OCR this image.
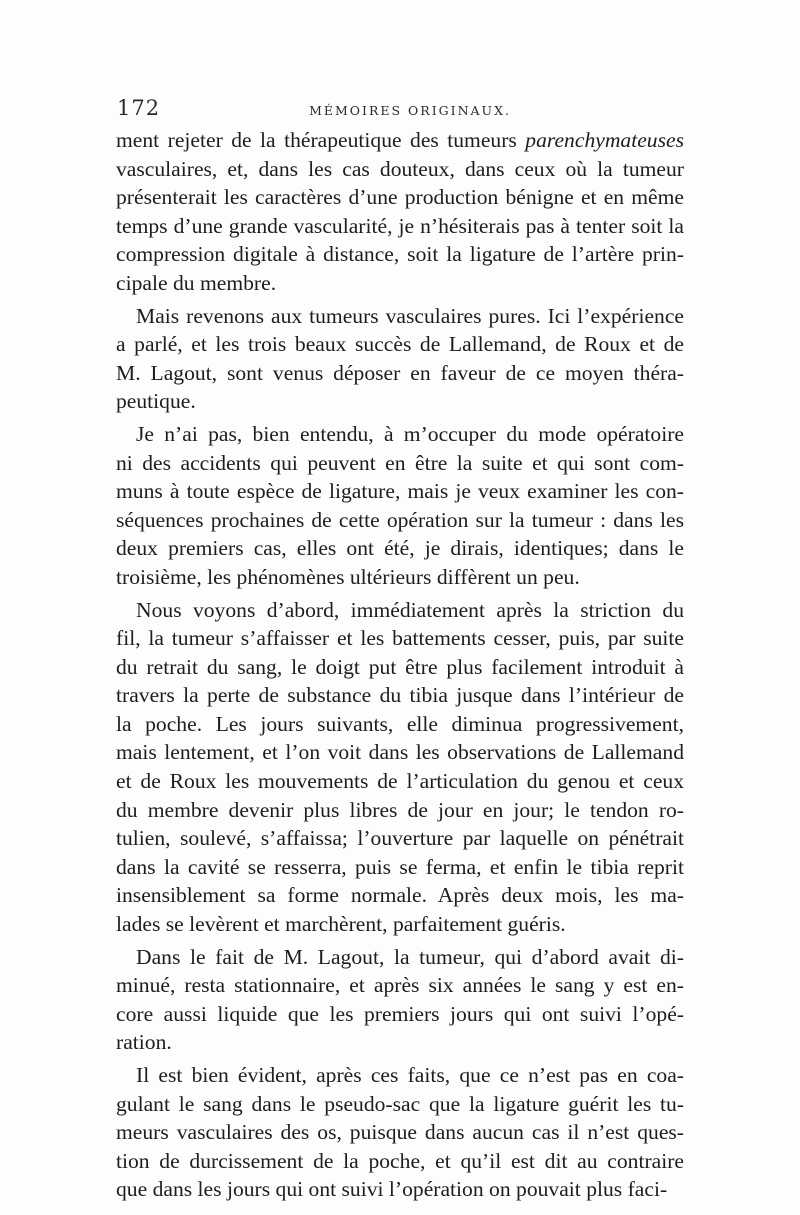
172	MÉMOIRES ORIGINAUX.

ment rejeter de la thérapeutique des tumeurs parenchymateuses
vasculaires, et, dans les cas douteux, dans ceux où la tumeur
présenterait les caractères d’une production bénigne et en même
temps d’une grande vascularité, je n’hésiterais pas à tenter soit la
compression digitale à distance, soit la ligature de l’artère prin-
cipale du membre.

Mais revenons aux tumeurs vasculaires pures. Ici l’expérience
a parlé, et les trois beaux succès de Lallemand, de Roux et de
M. Lagout, sont venus déposer en faveur de ce moyen théra-
peutique.

Je n’ai pas, bien entendu, à m’occuper du mode opératoire
ni des accidents qui peuvent en être la suite et qui sont com-
muns à toute espèce de ligature, mais je veux examiner les con-
séquences prochaines de cette opération sur la tumeur : dans les
deux premiers cas, elles ont été, je dirais, identiques; dans le
troisième, les phénomènes ultérieurs diffèrent un peu.

Nous voyons d’abord, immédiatement après la striction du
fil, la tumeur s’affaisser et les battements cesser, puis, par suite
du retrait du sang, le doigt put être plus facilement introduit à
travers la perte de substance du tibia jusque dans l’intérieur de
la poche. Les jours suivants, elle diminua progressivement,
mais lentement, et l’on voit dans les observations de Lallemand
et de Roux les mouvements de l’articulation du genou et ceux
du membre devenir plus libres de jour en jour; le tendon ro-
tulien, soulevé, s’affaissa; l’ouverture par laquelle on pénétrait
dans la cavité se resserra, puis se ferma, et enfin le tibia reprit
insensiblement sa forme normale. Après deux mois, les ma-
lades se levèrent et marchèrent, parfaitement guéris.

Dans le fait de M. Lagout, la tumeur, qui d’abord avait di-
minué, resta stationnaire, et après six années le sang y est en-
core aussi liquide que les premiers jours qui ont suivi l’opé-
ration.

Il est bien évident, après ces faits, que ce n’est pas en coa-
gulant le sang dans le pseudo-sac que la ligature guérit les tu-
meurs vasculaires des os, puisque dans aucun cas il n’est ques-
tion de durcissement de la poche, et qu’il est dit au contraire
que dans les jours qui ont suivi l’opération on pouvait plus faci-
